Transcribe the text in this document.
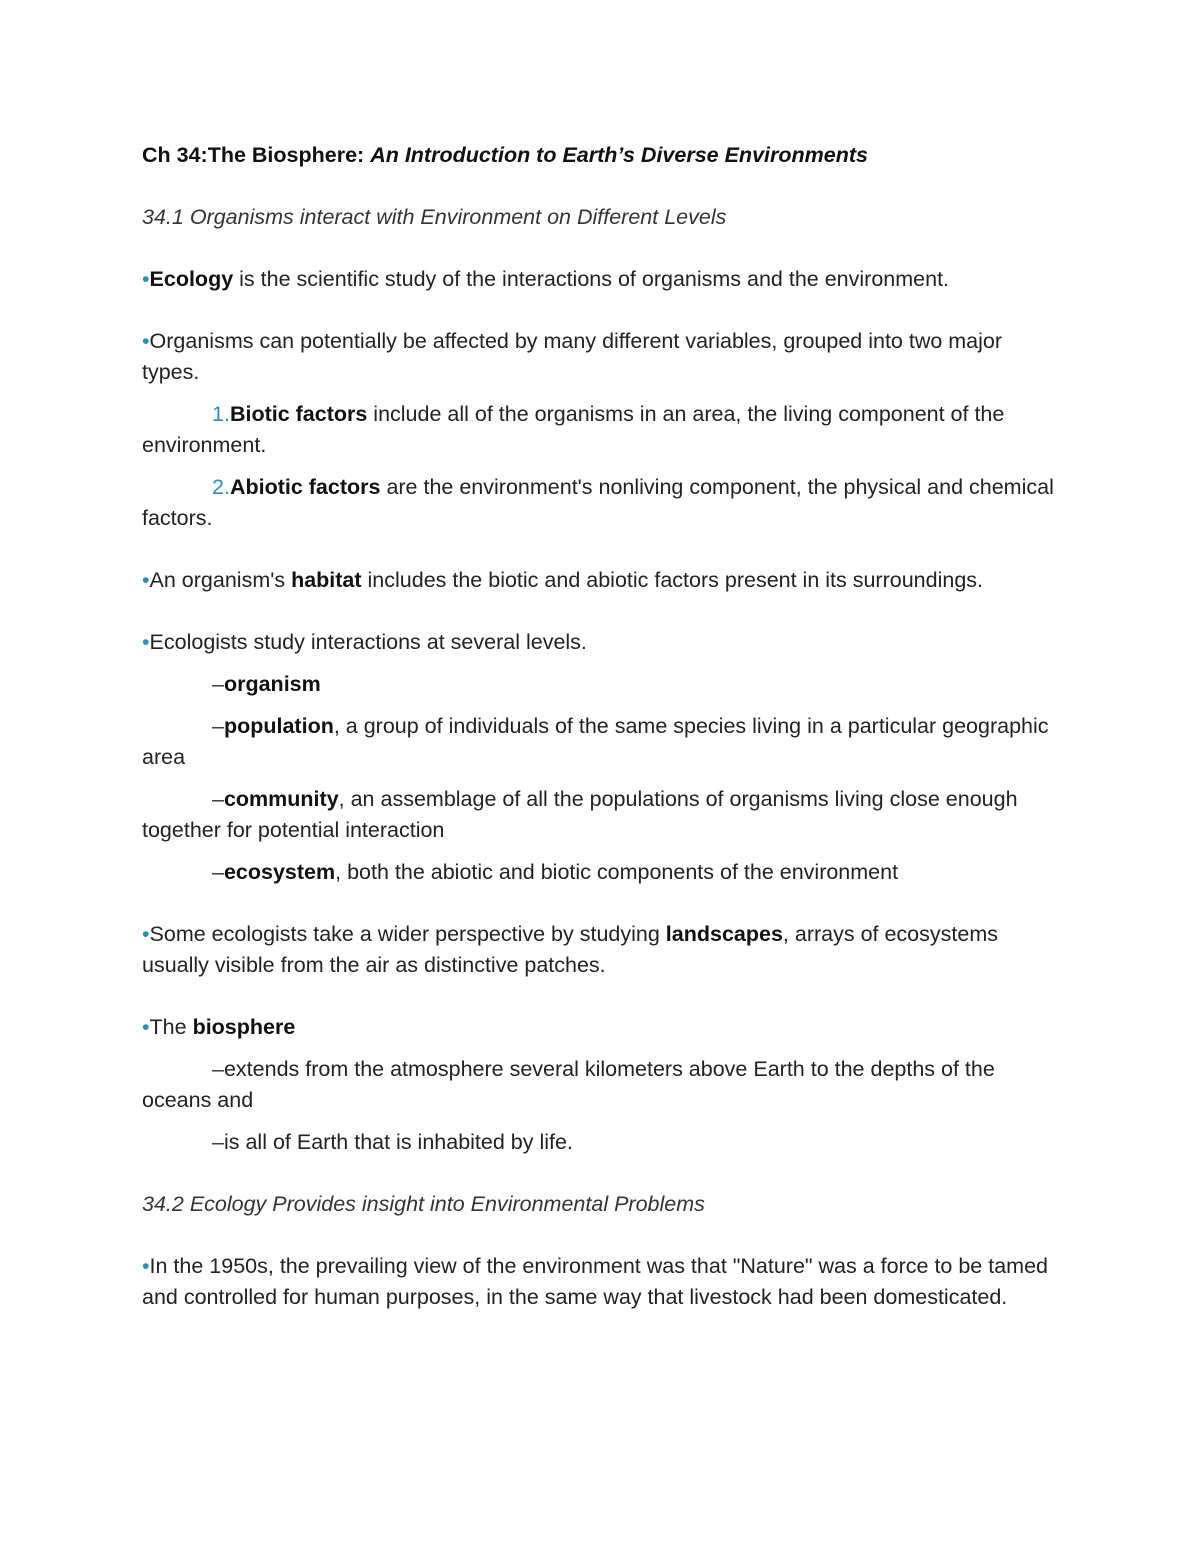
Ch 34:The Biosphere: An Introduction to Earth’s Diverse Environments
34.1 Organisms interact with Environment on Different Levels

•Ecology is the scientific study of the interactions of organisms and the environment.

•Organisms can potentially be affected by many different variables, grouped into two major types.

1.Biotic factors include all of the organisms in an area, the living component of the environment.

2.Abiotic factors are the environment's nonliving component, the physical and chemical factors.

•An organism's habitat includes the biotic and abiotic factors present in its surroundings.

•Ecologists study interactions at several levels.

–organism

–population, a group of individuals of the same species living in a particular geographic area

–community, an assemblage of all the populations of organisms living close enough together for potential interaction

–ecosystem, both the abiotic and biotic components of the environment

•Some ecologists take a wider perspective by studying landscapes, arrays of ecosystems usually visible from the air as distinctive patches.

•The biosphere

–extends from the atmosphere several kilometers above Earth to the depths of the oceans and

–is all of Earth that is inhabited by life.

34.2 Ecology Provides insight into Environmental Problems

•In the 1950s, the prevailing view of the environment was that "Nature" was a force to be tamed and controlled for human purposes, in the same way that livestock had been domesticated.
